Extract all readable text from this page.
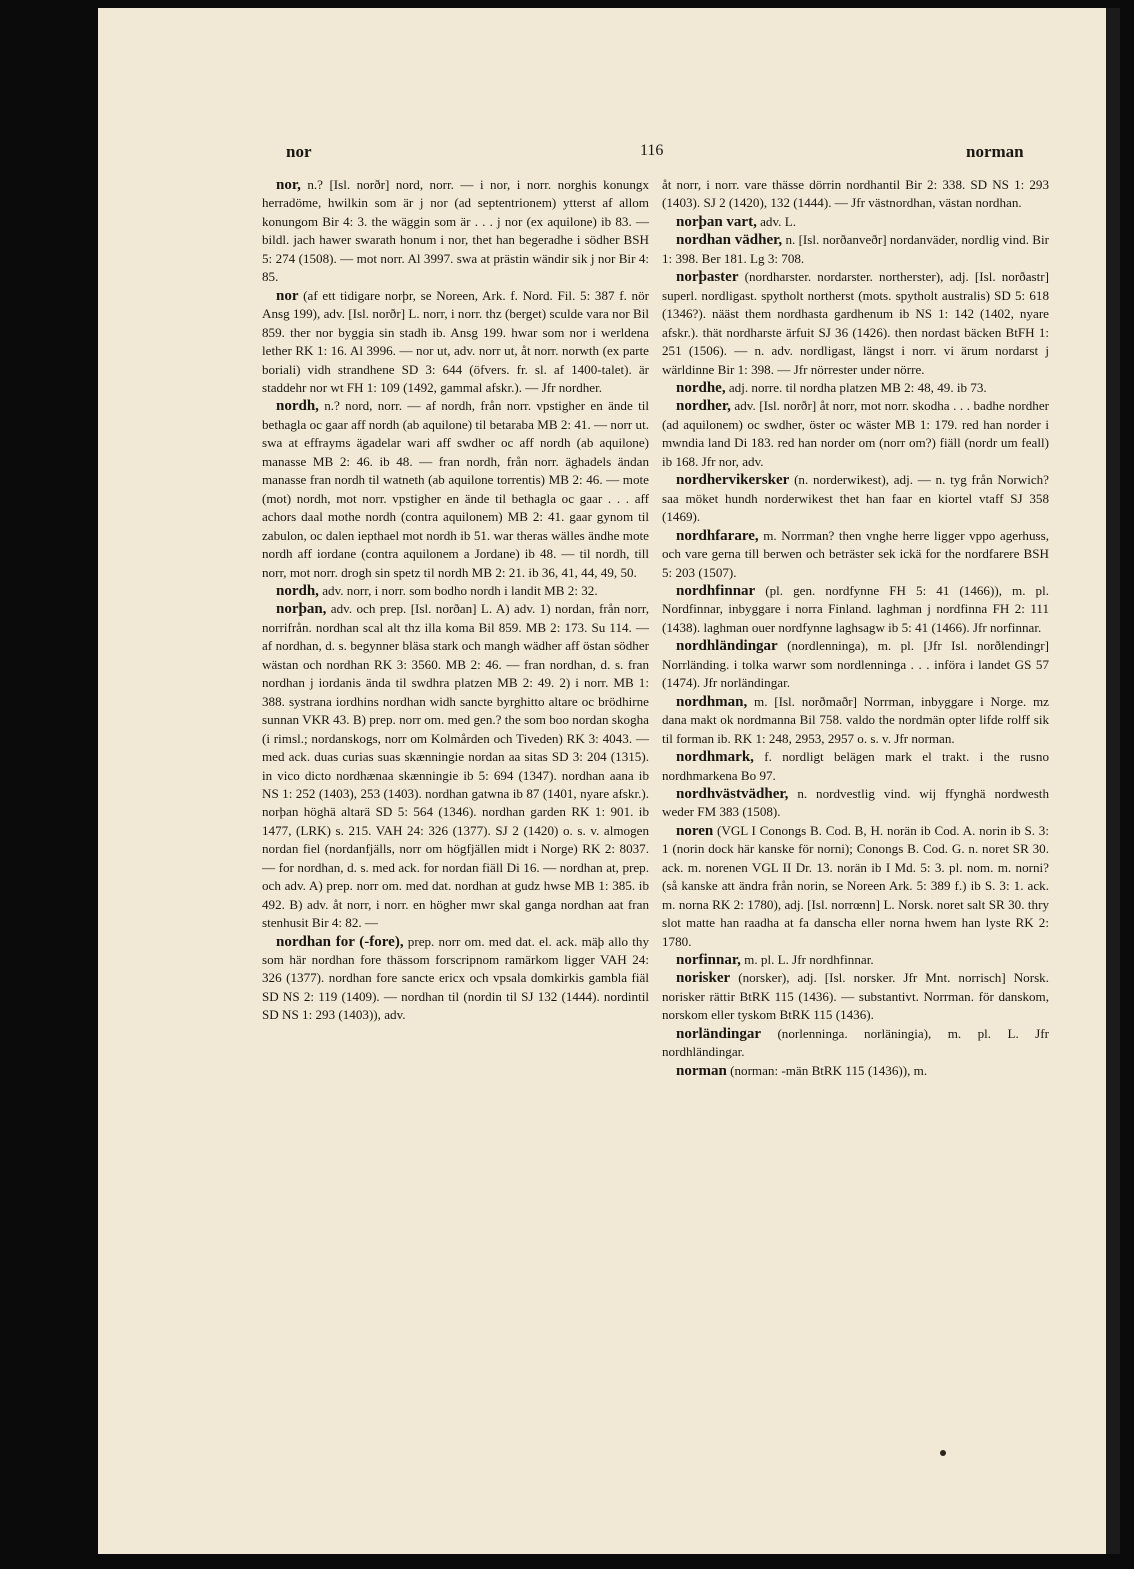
nor	116	norman

nor, n.? [Isl. norðr] nord, norr. — i nor, i norr. norghis konungx herradöme, hwilkin som är j nor (ad septentrionem) ytterst af allom konungom Bir 4: 3. the wäggin som är . . . j nor (ex aquilone) ib 83. — bildl. jach hawer swarath honum i nor, thet han begeradhe i södher BSH 5: 274 (1508). — mot norr. Al 3997. swa at prästin wändir sik j nor Bir 4: 85.

nor (af ett tidigare norþr, se Noreen, Ark. f. Nord. Fil. 5: 387 f. nör Ansg 199), adv. [Isl. norðr] L. norr, i norr. thz (berget) sculde vara nor Bil 859. ther nor byggia sin stadh ib. Ansg 199. hwar som nor i werldena lether RK 1: 16. Al 3996. — nor ut, adv. norr ut, åt norr. norwth (ex parte boriali) vidh strandhene SD 3: 644 (öfvers. fr. sl. af 1400-talet). är staddehr nor wt FH 1: 109 (1492, gammal afskr.). — Jfr nordher.

nordh, n.? nord, norr. — af nordh, från norr. vpstigher en ände til bethagla oc gaar aff nordh (ab aquilone) til betaraba MB 2: 41. — norr ut. swa at effrayms ägadelar wari aff swdher oc aff nordh (ab aquilone) manasse MB 2: 46. ib 48. — fran nordh, från norr. äghadels ändan manasse fran nordh til watneth (ab aquilone torrentis) MB 2: 46. — mote (mot) nordh, mot norr. vpstigher en ände til bethagla oc gaar . . . aff achors daal mothe nordh (contra aquilonem) MB 2: 41. gaar gynom til zabulon, oc dalen iepthael mot nordh ib 51. war theras wälles ändhe mote nordh aff iordane (contra aquilonem a Jordane) ib 48. — til nordh, till norr, mot norr. drogh sin spetz til nordh MB 2: 21. ib 36, 41, 44, 49, 50.

nordh, adv. norr, i norr. som bodho nordh i landit MB 2: 32.

norþan, adv. och prep. [Isl. norðan] L. A) adv. 1) nordan, från norr, norrifrån. nordhan scal alt thz illa koma Bil 859. MB 2: 173. Su 114. — af nordhan, d. s. begynner bläsa stark och mangh wädher aff östan södher wästan och nordhan RK 3: 3560. MB 2: 46. — fran nordhan, d. s. fran nordhan j iordanis ända til swdhra platzen MB 2: 49. 2) i norr. MB 1: 388. systrana iordhins nordhan widh sancte byrghitto altare oc brödhirne sunnan VKR 43. B) prep. norr om. med gen.? the som boo nordan skogha (i rimsl.; nordanskogs, norr om Kolmården och Tiveden) RK 3: 4043. — med ack. duas curias suas skænningie nordan aa sitas SD 3: 204 (1315). in vico dicto nordhænaa skænningie ib 5: 694 (1347). nordhan aana ib NS 1: 252 (1403), 253 (1403). nordhan gatwna ib 87 (1401, nyare afskr.). norþan höghä altarä SD 5: 564 (1346). nordhan garden RK 1: 901. ib 1477, (LRK) s. 215. VAH 24: 326 (1377). SJ 2 (1420) o. s. v. almogen nordan fiel (nordanfjälls, norr om högfjällen midt i Norge) RK 2: 8037. — for nordhan, d. s. med ack. for nordan fiäll Di 16. — nordhan at, prep. och adv. A) prep. norr om. med dat. nordhan at gudz hwse MB 1: 385. ib 492. B) adv. åt norr, i norr. en högher mwr skal ganga nordhan aat fran stenhusit Bir 4: 82. —

nordhan for (-fore), prep. norr om. med dat. el. ack. mäþ allo thy som här nordhan fore thässom forscripnom ramärkom ligger VAH 24: 326 (1377). nordhan fore sancte ericx och vpsala domkirkis gambla fiäl SD NS 2: 119 (1409). — nordhan til (nordin til SJ 132 (1444). nordintil SD NS 1: 293 (1403)), adv.

åt norr, i norr. vare thässe dörrin nordhantil Bir 2: 338. SD NS 1: 293 (1403). SJ 2 (1420), 132 (1444). — Jfr västnordhan, västan nordhan.

norþan vart, adv. L.

nordhan vädher, n. [Isl. norðanveðr] nordanväder, nordlig vind. Bir 1: 398. Ber 181. Lg 3: 708.

norþaster (nordharster. nordarster. northerster), adj. [Isl. norðastr] superl. nordligast. spytholt northerst (mots. spytholt australis) SD 5: 618 (1346?). nääst them nordhasta gardhenum ib NS 1: 142 (1402, nyare afskr.). thät nordharste ärfuit SJ 36 (1426). then nordast bäcken BtFH 1: 251 (1506). — n. adv. nordligast, längst i norr. vi ärum nordarst j wärldinne Bir 1: 398. — Jfr nörrester under nörre.

nordhe, adj. norre. til nordha platzen MB 2: 48, 49. ib 73.

nordher, adv. [Isl. norðr] åt norr, mot norr. skodha . . . badhe nordher (ad aquilonem) oc swdher, öster oc wäster MB 1: 179. red han norder i mwndia land Di 183. red han norder om (norr om?) fiäll (nordr um feall) ib 168. Jfr nor, adv.

nordhervikersker (n. norderwikest), adj. — n. tyg från Norwich? saa möket hundh norderwikest thet han faar en kiortel vtaff SJ 358 (1469).

nordhfarare, m. Norrman? then vnghe herre ligger vppo agerhuss, och vare gerna till berwen och beträster sek ickä for the nordfarere BSH 5: 203 (1507).

nordhfinnar (pl. gen. nordfynne FH 5: 41 (1466)), m. pl. Nordfinnar, inbyggare i norra Finland. laghman j nordfinna FH 2: 111 (1438). laghman ouer nordfynne laghsagw ib 5: 41 (1466). Jfr norfinnar.

nordhländingar (nordlenninga), m. pl. [Jfr Isl. norðlendingr] Norrländing. i tolka warwr som nordlenninga . . . införa i landet GS 57 (1474). Jfr norländingar.

nordhman, m. [Isl. norðmaðr] Norrman, inbyggare i Norge. mz dana makt ok nordmanna Bil 758. valdo the nordmän opter lifde rolff sik til forman ib. RK 1: 248, 2953, 2957 o. s. v. Jfr norman.

nordhmark, f. nordligt belägen mark el trakt. i the rusno nordhmarkena Bo 97.

nordhvästvädher, n. nordvestlig vind. wij ffynghä nordwesth weder FM 383 (1508).

noren (VGL I Conongs B. Cod. B, H. norän ib Cod. A. norin ib S. 3: 1 (norin dock här kanske för norni); Conongs B. Cod. G. n. noret SR 30. ack. m. norenen VGL II Dr. 13. norän ib I Md. 5: 3. pl. nom. m. norni? (så kanske att ändra från norin, se Noreen Ark. 5: 389 f.) ib S. 3: 1. ack. m. norna RK 2: 1780), adj. [Isl. norrœnn] L. Norsk. noret salt SR 30. thry slot matte han raadha at fa danscha eller norna hwem han lyste RK 2: 1780.

norfinnar, m. pl. L. Jfr nordhfinnar.

norisker (norsker), adj. [Isl. norsker. Jfr Mnt. norrisch] Norsk. norisker rättir BtRK 115 (1436). — substantivt. Norrman. för danskom, norskom eller tyskom BtRK 115 (1436).

norländingar (norlenninga. norläningia), m. pl. L. Jfr nordhländingar.

norman (norman: -män BtRK 115 (1436)), m.
